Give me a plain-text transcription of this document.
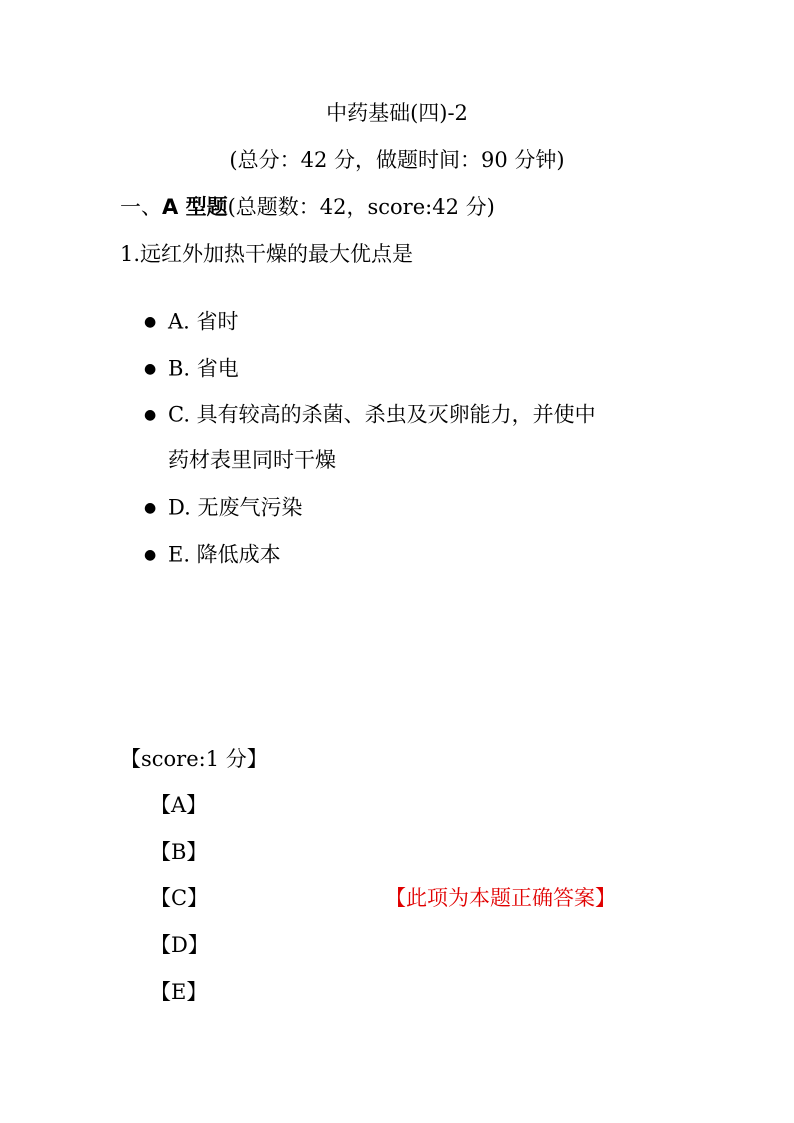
中药基础(四)-2
(总分：42 分，做题时间：90 分钟)
一、A 型题(总题数：42，score:42 分)
1.远红外加热干燥的最大优点是
● A. 省时
● B. 省电
● C. 具有较高的杀菌、杀虫及灭卵能力，并使中
药材表里同时干燥
● D. 无废气污染
● E. 降低成本
【score:1 分】
【A】
【B】
【C】	【此项为本题正确答案】
【D】
【E】
